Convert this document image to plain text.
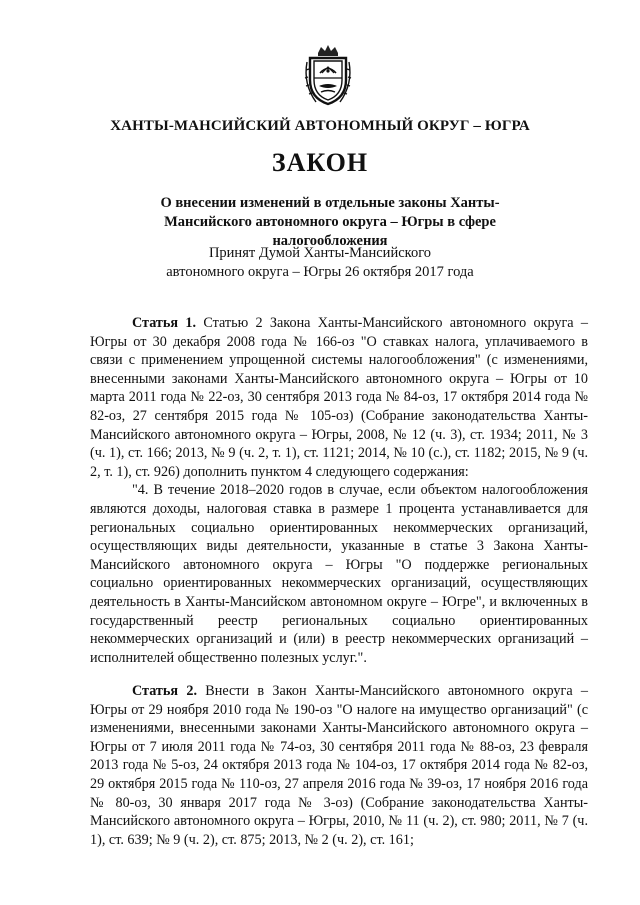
ХАНТЫ-МАНСИЙСКИЙ АВТОНОМНЫЙ ОКРУГ – ЮГРА
ЗАКОН
О внесении изменений в отдельные законы Ханты-Мансийского автономного округа – Югры в сфере налогообложения
Принят Думой Ханты-Мансийского
автономного округа – Югры 26 октября 2017 года

Статья 1. Статью 2 Закона Ханты-Мансийского автономного округа – Югры от 30 декабря 2008 года № 166-оз "О ставках налога, уплачиваемого в связи с применением упрощенной системы налогообложения" (с изменениями, внесенными законами Ханты-Мансийского автономного округа – Югры от 10 марта 2011 года № 22-оз, 30 сентября 2013 года № 84-оз, 17 октября 2014 года № 82-оз, 27 сентября 2015 года № 105-оз) (Собрание законодательства Ханты-Мансийского автономного округа – Югры, 2008, № 12 (ч. 3), ст. 1934; 2011, № 3 (ч. 1), ст. 166; 2013, № 9 (ч. 2, т. 1), ст. 1121; 2014, № 10 (с.), ст. 1182; 2015, № 9 (ч. 2, т. 1), ст. 926) дополнить пунктом 4 следующего содержания:

"4. В течение 2018–2020 годов в случае, если объектом налогообложения являются доходы, налоговая ставка в размере 1 процента устанавливается для региональных социально ориентированных некоммерческих организаций, осуществляющих виды деятельности, указанные в статье 3 Закона Ханты-Мансийского автономного округа – Югры "О поддержке региональных социально ориентированных некоммерческих организаций, осуществляющих деятельность в Ханты-Мансийском автономном округе – Югре", и включенных в государственный реестр региональных социально ориентированных некоммерческих организаций и (или) в реестр некоммерческих организаций – исполнителей общественно полезных услуг.".

Статья 2. Внести в Закон Ханты-Мансийского автономного округа – Югры от 29 ноября 2010 года № 190-оз "О налоге на имущество организаций" (с изменениями, внесенными законами Ханты-Мансийского автономного округа – Югры от 7 июля 2011 года № 74-оз, 30 сентября 2011 года № 88-оз, 23 февраля 2013 года № 5-оз, 24 октября 2013 года № 104-оз, 17 октября 2014 года № 82-оз, 29 октября 2015 года № 110-оз, 27 апреля 2016 года № 39-оз, 17 ноября 2016 года № 80-оз, 30 января 2017 года № 3-оз) (Собрание законодательства Ханты-Мансийского автономного округа – Югры, 2010, № 11 (ч. 2), ст. 980; 2011, № 7 (ч. 1), ст. 639; № 9 (ч. 2), ст. 875; 2013, № 2 (ч. 2), ст. 161;
